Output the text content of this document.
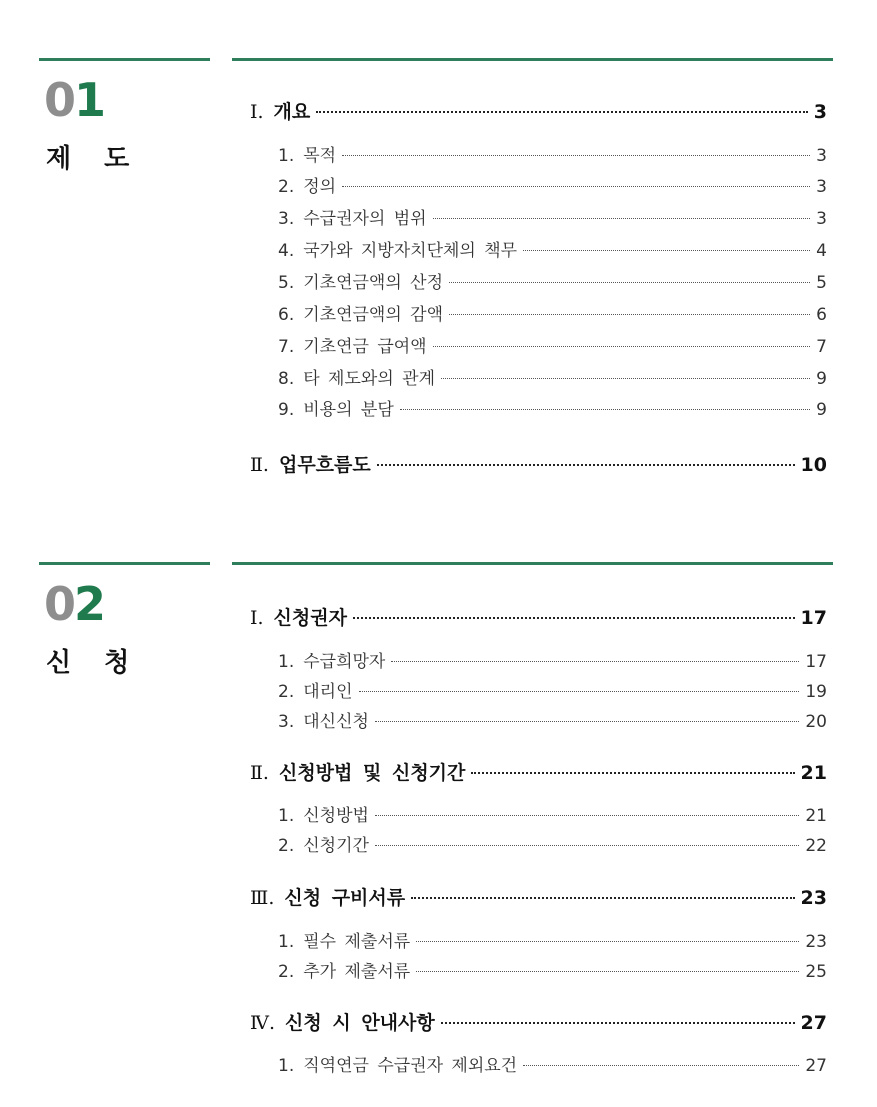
01
제 도
Ⅰ. 개요	3
1. 목적	3
2. 정의	3
3. 수급권자의 범위	3
4. 국가와 지방자치단체의 책무	4
5. 기초연금액의 산정	5
6. 기초연금액의 감액	6
7. 기초연금 급여액	7
8. 타 제도와의 관계	9
9. 비용의 분담	9
Ⅱ. 업무흐름도	10
02
신 청
Ⅰ. 신청권자	17
1. 수급희망자	17
2. 대리인	19
3. 대신신청	20
Ⅱ. 신청방법 및 신청기간	21
1. 신청방법	21
2. 신청기간	22
Ⅲ. 신청 구비서류	23
1. 필수 제출서류	23
2. 추가 제출서류	25
Ⅳ. 신청 시 안내사항	27
1. 직역연금 수급권자 제외요건	27
